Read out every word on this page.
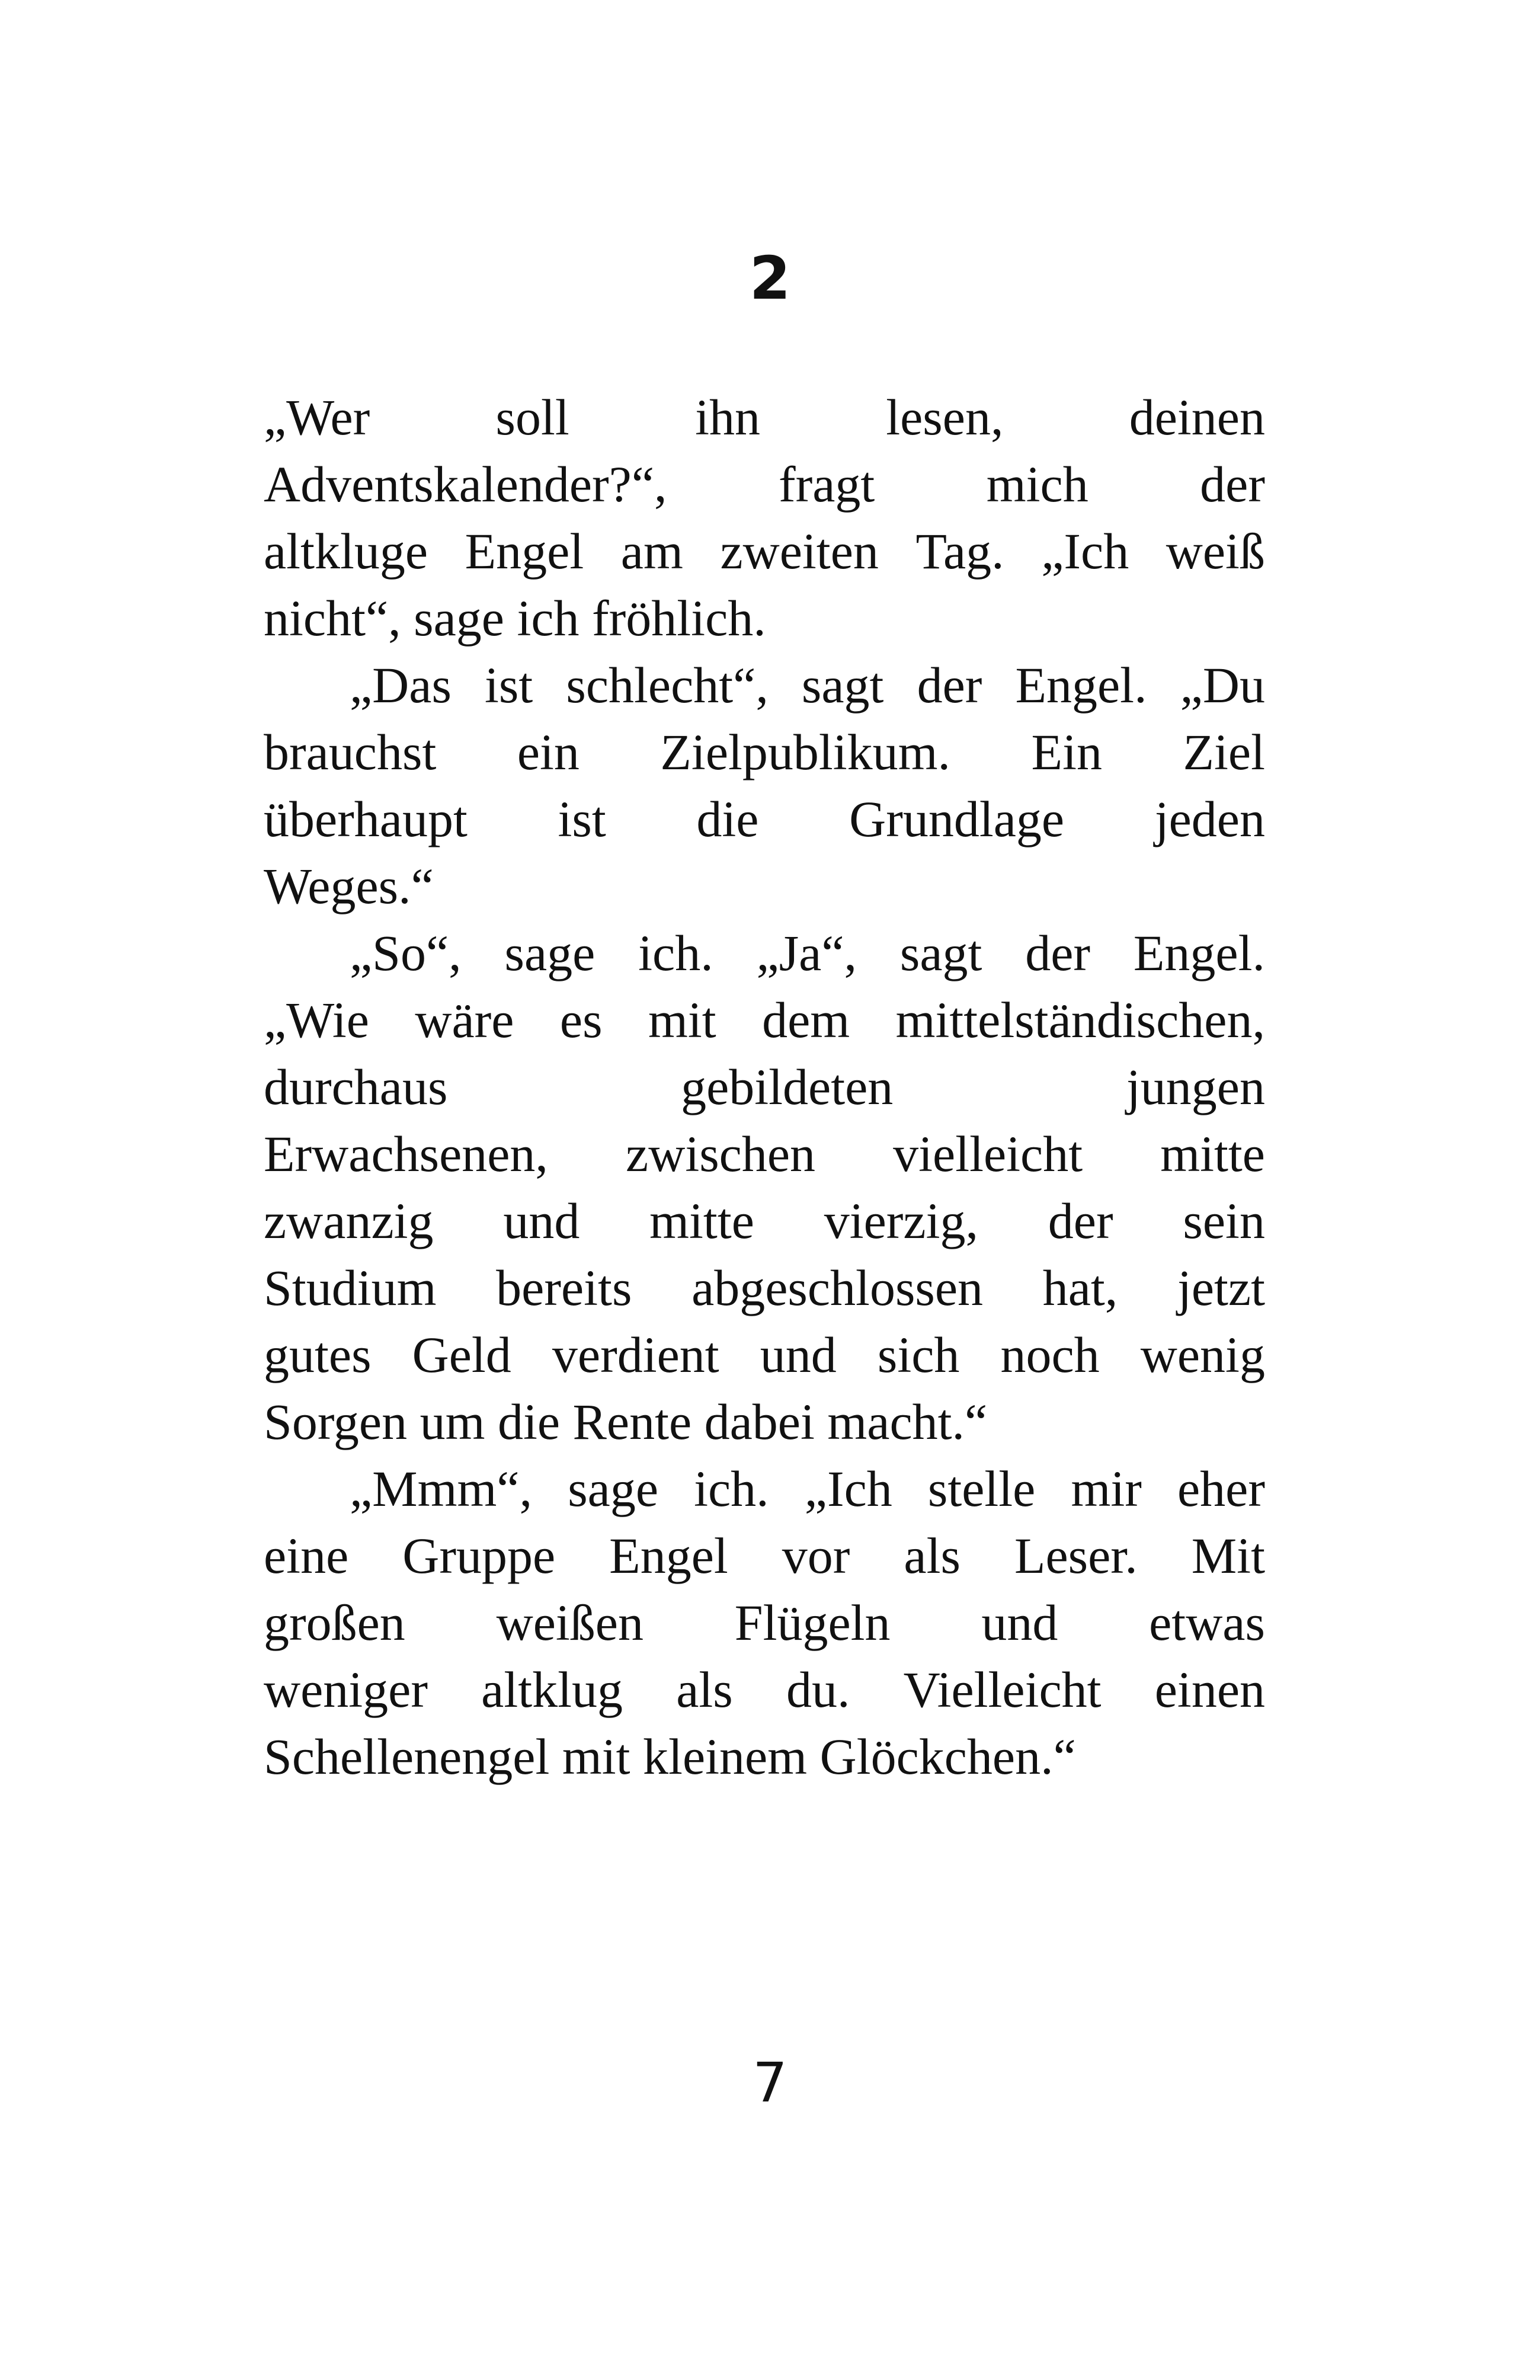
2

„Wer soll ihn lesen, deinen
Adventskalender?“, fragt mich der
altkluge Engel am zweiten Tag. „Ich weiß
nicht“, sage ich fröhlich.

„Das ist schlecht“, sagt der Engel. „Du
brauchst ein Zielpublikum. Ein Ziel
überhaupt ist die Grundlage jeden
Weges.“

„So“, sage ich. „Ja“, sagt der Engel.
„Wie wäre es mit dem mittelständischen,
durchaus	gebildeten	jungen
Erwachsenen, zwischen vielleicht mitte
zwanzig und mitte vierzig, der sein
Studium bereits abgeschlossen hat, jetzt
gutes Geld verdient und sich noch wenig
Sorgen um die Rente dabei macht.“

„Mmm“, sage ich. „Ich stelle mir eher
eine Gruppe Engel vor als Leser. Mit
großen weißen Flügeln und etwas
weniger altklug als du. Vielleicht einen
Schellenengel mit kleinem Glöckchen.“

7
